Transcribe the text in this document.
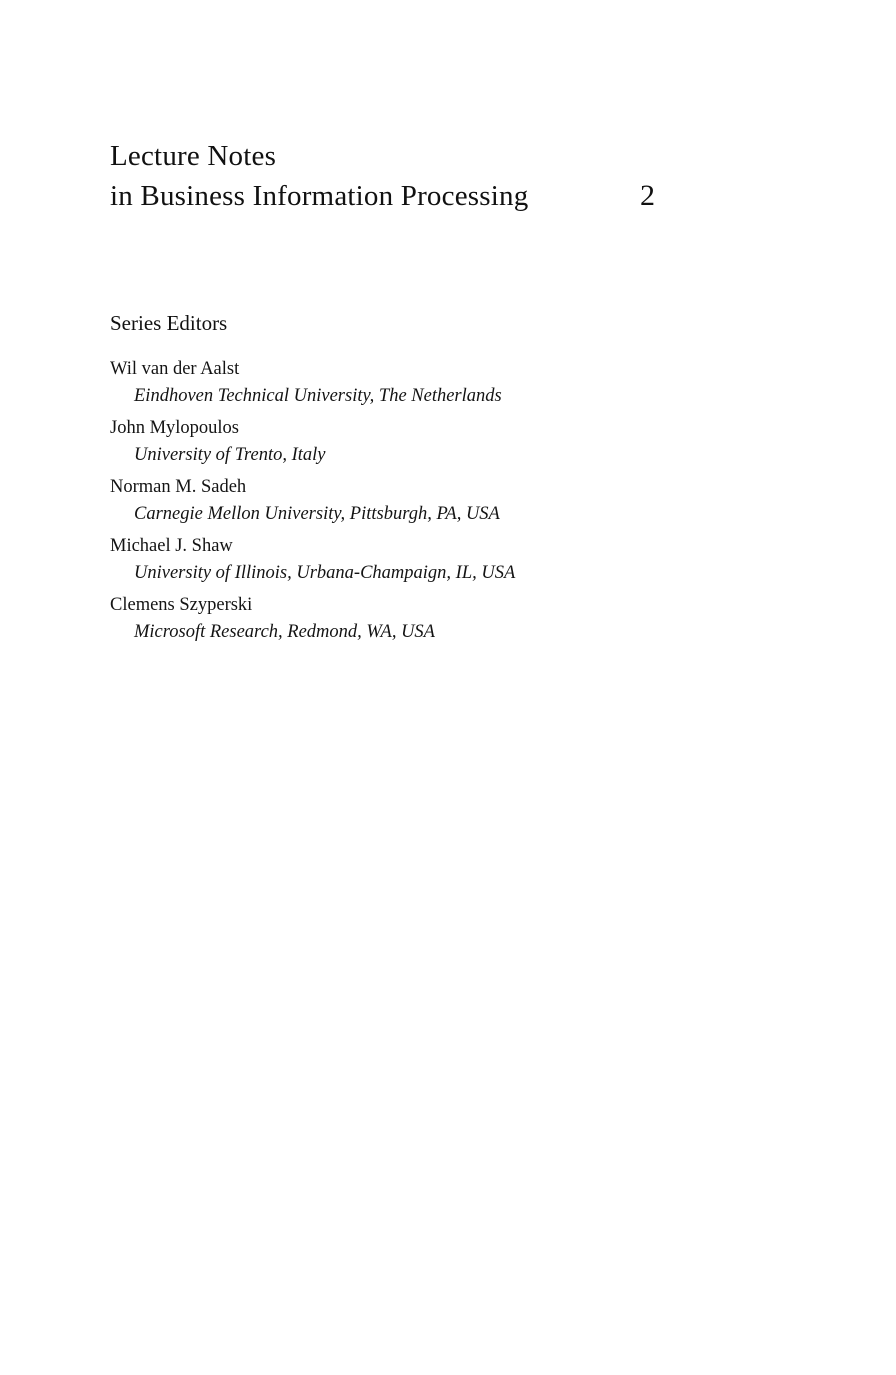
Lecture Notes
in Business Information Processing
Series Editors
Wil van der Aalst
Eindhoven Technical University, The Netherlands
John Mylopoulos
University of Trento, Italy
Norman M. Sadeh
Carnegie Mellon University, Pittsburgh, PA, USA
Michael J. Shaw
University of Illinois, Urbana-Champaign, IL, USA
Clemens Szyperski
Microsoft Research, Redmond, WA, USA
2
